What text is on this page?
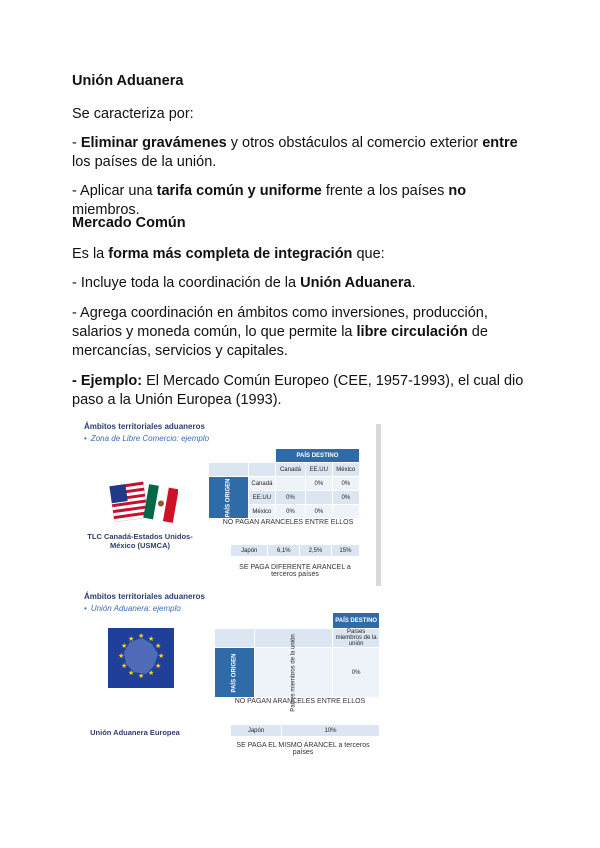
Unión Aduanera

Se caracteriza por:

- Eliminar gravámenes y otros obstáculos al comercio exterior entre los países de la unión.

- Aplicar una tarifa común y uniforme frente a los países no miembros.

Mercado Común

Es la forma más completa de integración que:

- Incluye toda la coordinación de la Unión Aduanera.

- Agrega coordinación en ámbitos como inversiones, producción, salarios y moneda común, lo que permite la libre circulación de mercancías, servicios y capitales.

- Ejemplo: El Mercado Común Europeo (CEE, 1957-1993), el cual dio paso a la Unión Europea (1993).

Ámbitos territoriales aduaneros
• Zona de Libre Comercio: ejemplo
TLC Canadá-Estados Unidos-México (USMCA)
		PAÍS DESTINO		
		Canadá	EE.UU	México
PAÍS ORIGEN	Canadá		0%	0%
	EE.UU	0%		0%
	México	0%	0%	
NO PAGAN ARANCELES ENTRE ELLOS
Japón	6,1%	2,5%	15%
SE PAGA DIFERENTE ARANCEL a terceros países
Ámbitos territoriales aduaneros
• Unión Aduanera: ejemplo
★ ★
★
★
★
★
★
★
★
★
★
★
Unión Aduanera Europea
		PAÍS DESTINO
		Países miembros de la unión
PAÍS ORIGEN	Países miembros de la unión	0%
NO PAGAN ARANCELES ENTRE ELLOS
Japón	10%
SE PAGA EL MISMO ARANCEL a terceros países
